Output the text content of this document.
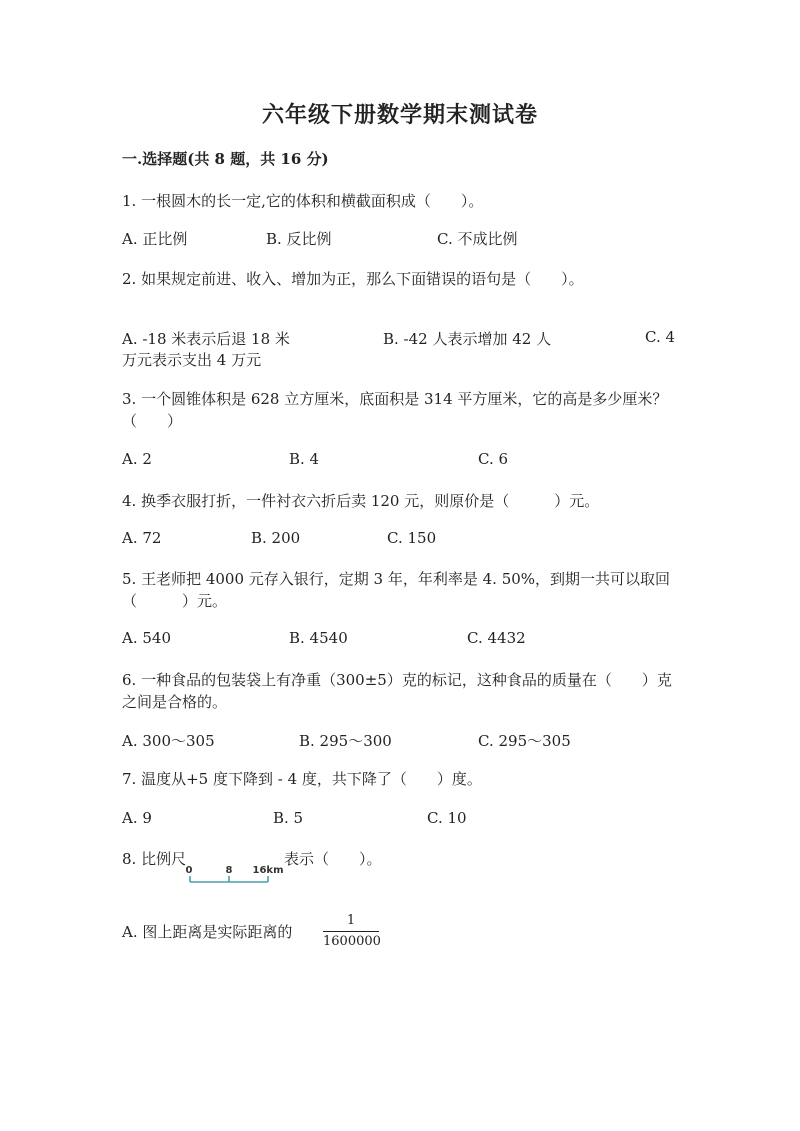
六年级下册数学期末测试卷
一.选择题(共 8 题，共 16 分)
1. 一根圆木的长一定,它的体积和横截面积成（　　）。
A. 正比例	B. 反比例	C. 不成比例
2. 如果规定前进、收入、增加为正，那么下面错误的语句是（　　）。
A. -18 米表示后退 18 米	B. -42 人表示增加 42 人	C. 4
万元表示支出 4 万元
3. 一个圆锥体积是 628 立方厘米，底面积是 314 平方厘米，它的高是多少厘米？（　　）
A. 2	B. 4	C. 6
4. 换季衣服打折，一件衬衣六折后卖 120 元，则原价是（　　　）元。
A. 72	B. 200	C. 150
5. 王老师把 4000 元存入银行，定期 3 年，年利率是 4. 50%，到期一共可以取回（　　　）元。
A. 540	B. 4540	C. 4432
6. 一种食品的包装袋上有净重（300±5）克的标记，这种食品的质量在（　　）克之间是合格的。
A. 300～305	B. 295～300	C. 295～305
7. 温度从+5 度下降到 - 4 度，共下降了（　　）度。
A. 9	B. 5	C. 10
8. 比例尺
0	8 16km
表示（　　）。
A. 图上距离是实际距离的
1
1600000
